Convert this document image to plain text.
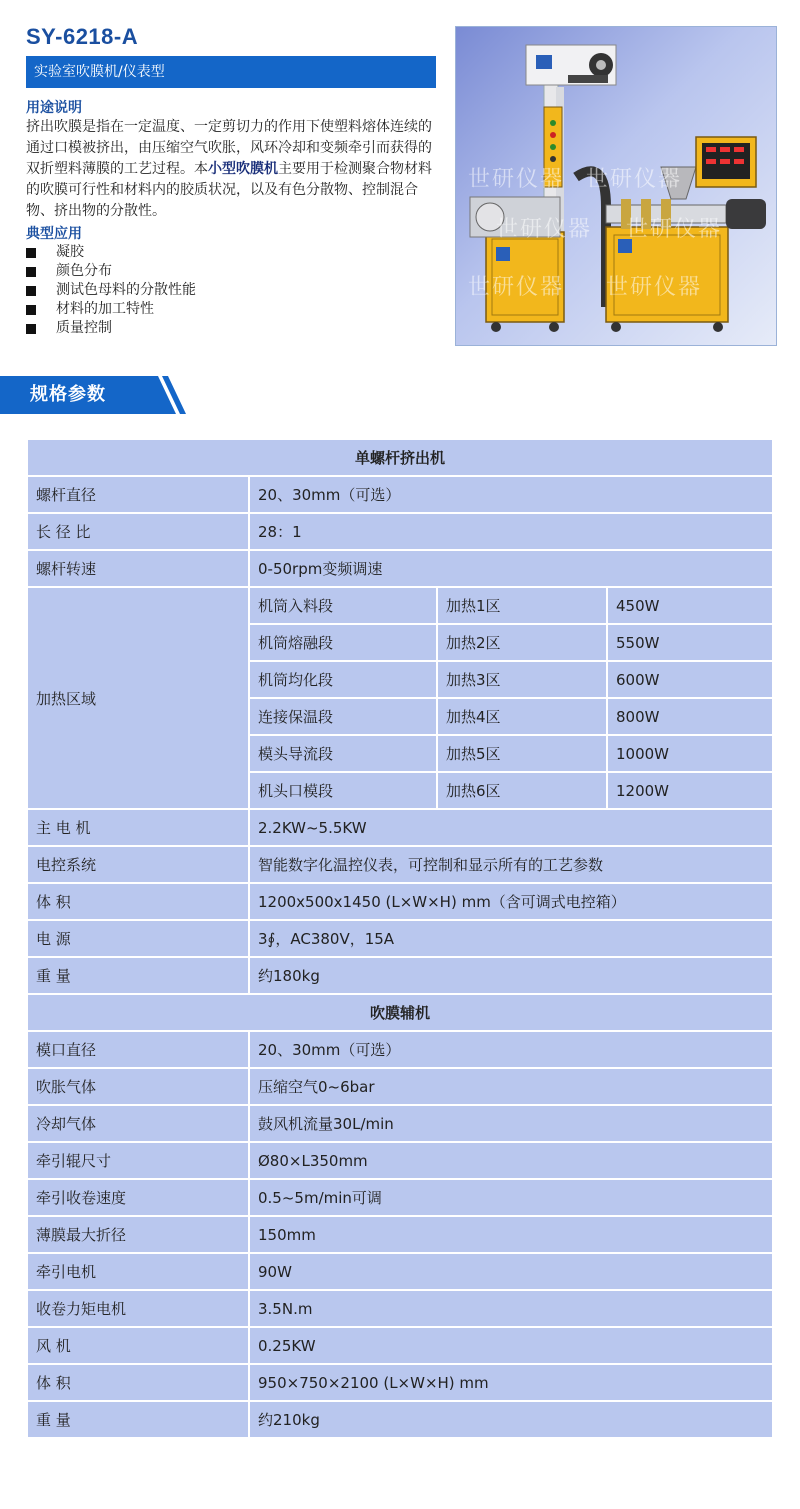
SY-6218-A
实验室吹膜机/仪表型
用途说明
挤出吹膜是指在一定温度、一定剪切力的作用下使塑料熔体连续的通过口模被挤出，由压缩空气吹胀，风环冷却和变频牵引而获得的双折塑料薄膜的工艺过程。本小型吹膜机主要用于检测聚合物材料的吹膜可行性和材料内的胶质状况，以及有色分散物、控制混合物、挤出物的分散性。
典型应用
凝胶
颜色分布
测试色母料的分散性能
材料的加工特性
质量控制
世研仪器 世研仪器
世研仪器 世研仪器
世研仪器 世研仪器
规格参数
单螺杆挤出机			
螺杆直径	20、30mm（可选）		
长 径 比	28：1		
螺杆转速	0-50rpm变频调速		
加热区域	机筒入料段	加热1区	450W
	机筒熔融段	加热2区	550W
	机筒均化段	加热3区	600W
	连接保温段	加热4区	800W
	模头导流段	加热5区	1000W
	机头口模段	加热6区	1200W
主 电 机	2.2KW~5.5KW		
电控系统	智能数字化温控仪表，可控制和显示所有的工艺参数		
体 积	1200x500x1450 (L×W×H) mm（含可调式电控箱）		
电 源	3∮，AC380V，15A		
重 量	约180kg		
吹膜辅机			
模口直径	20、30mm（可选）		
吹胀气体	压缩空气0~6bar		
冷却气体	鼓风机流量30L/min		
牵引辊尺寸	Ø80×L350mm		
牵引收卷速度	0.5~5m/min可调		
薄膜最大折径	150mm		
牵引电机	90W		
收卷力矩电机	3.5N.m		
风 机	0.25KW		
体 积	950×750×2100 (L×W×H) mm		
重 量	约210kg		
